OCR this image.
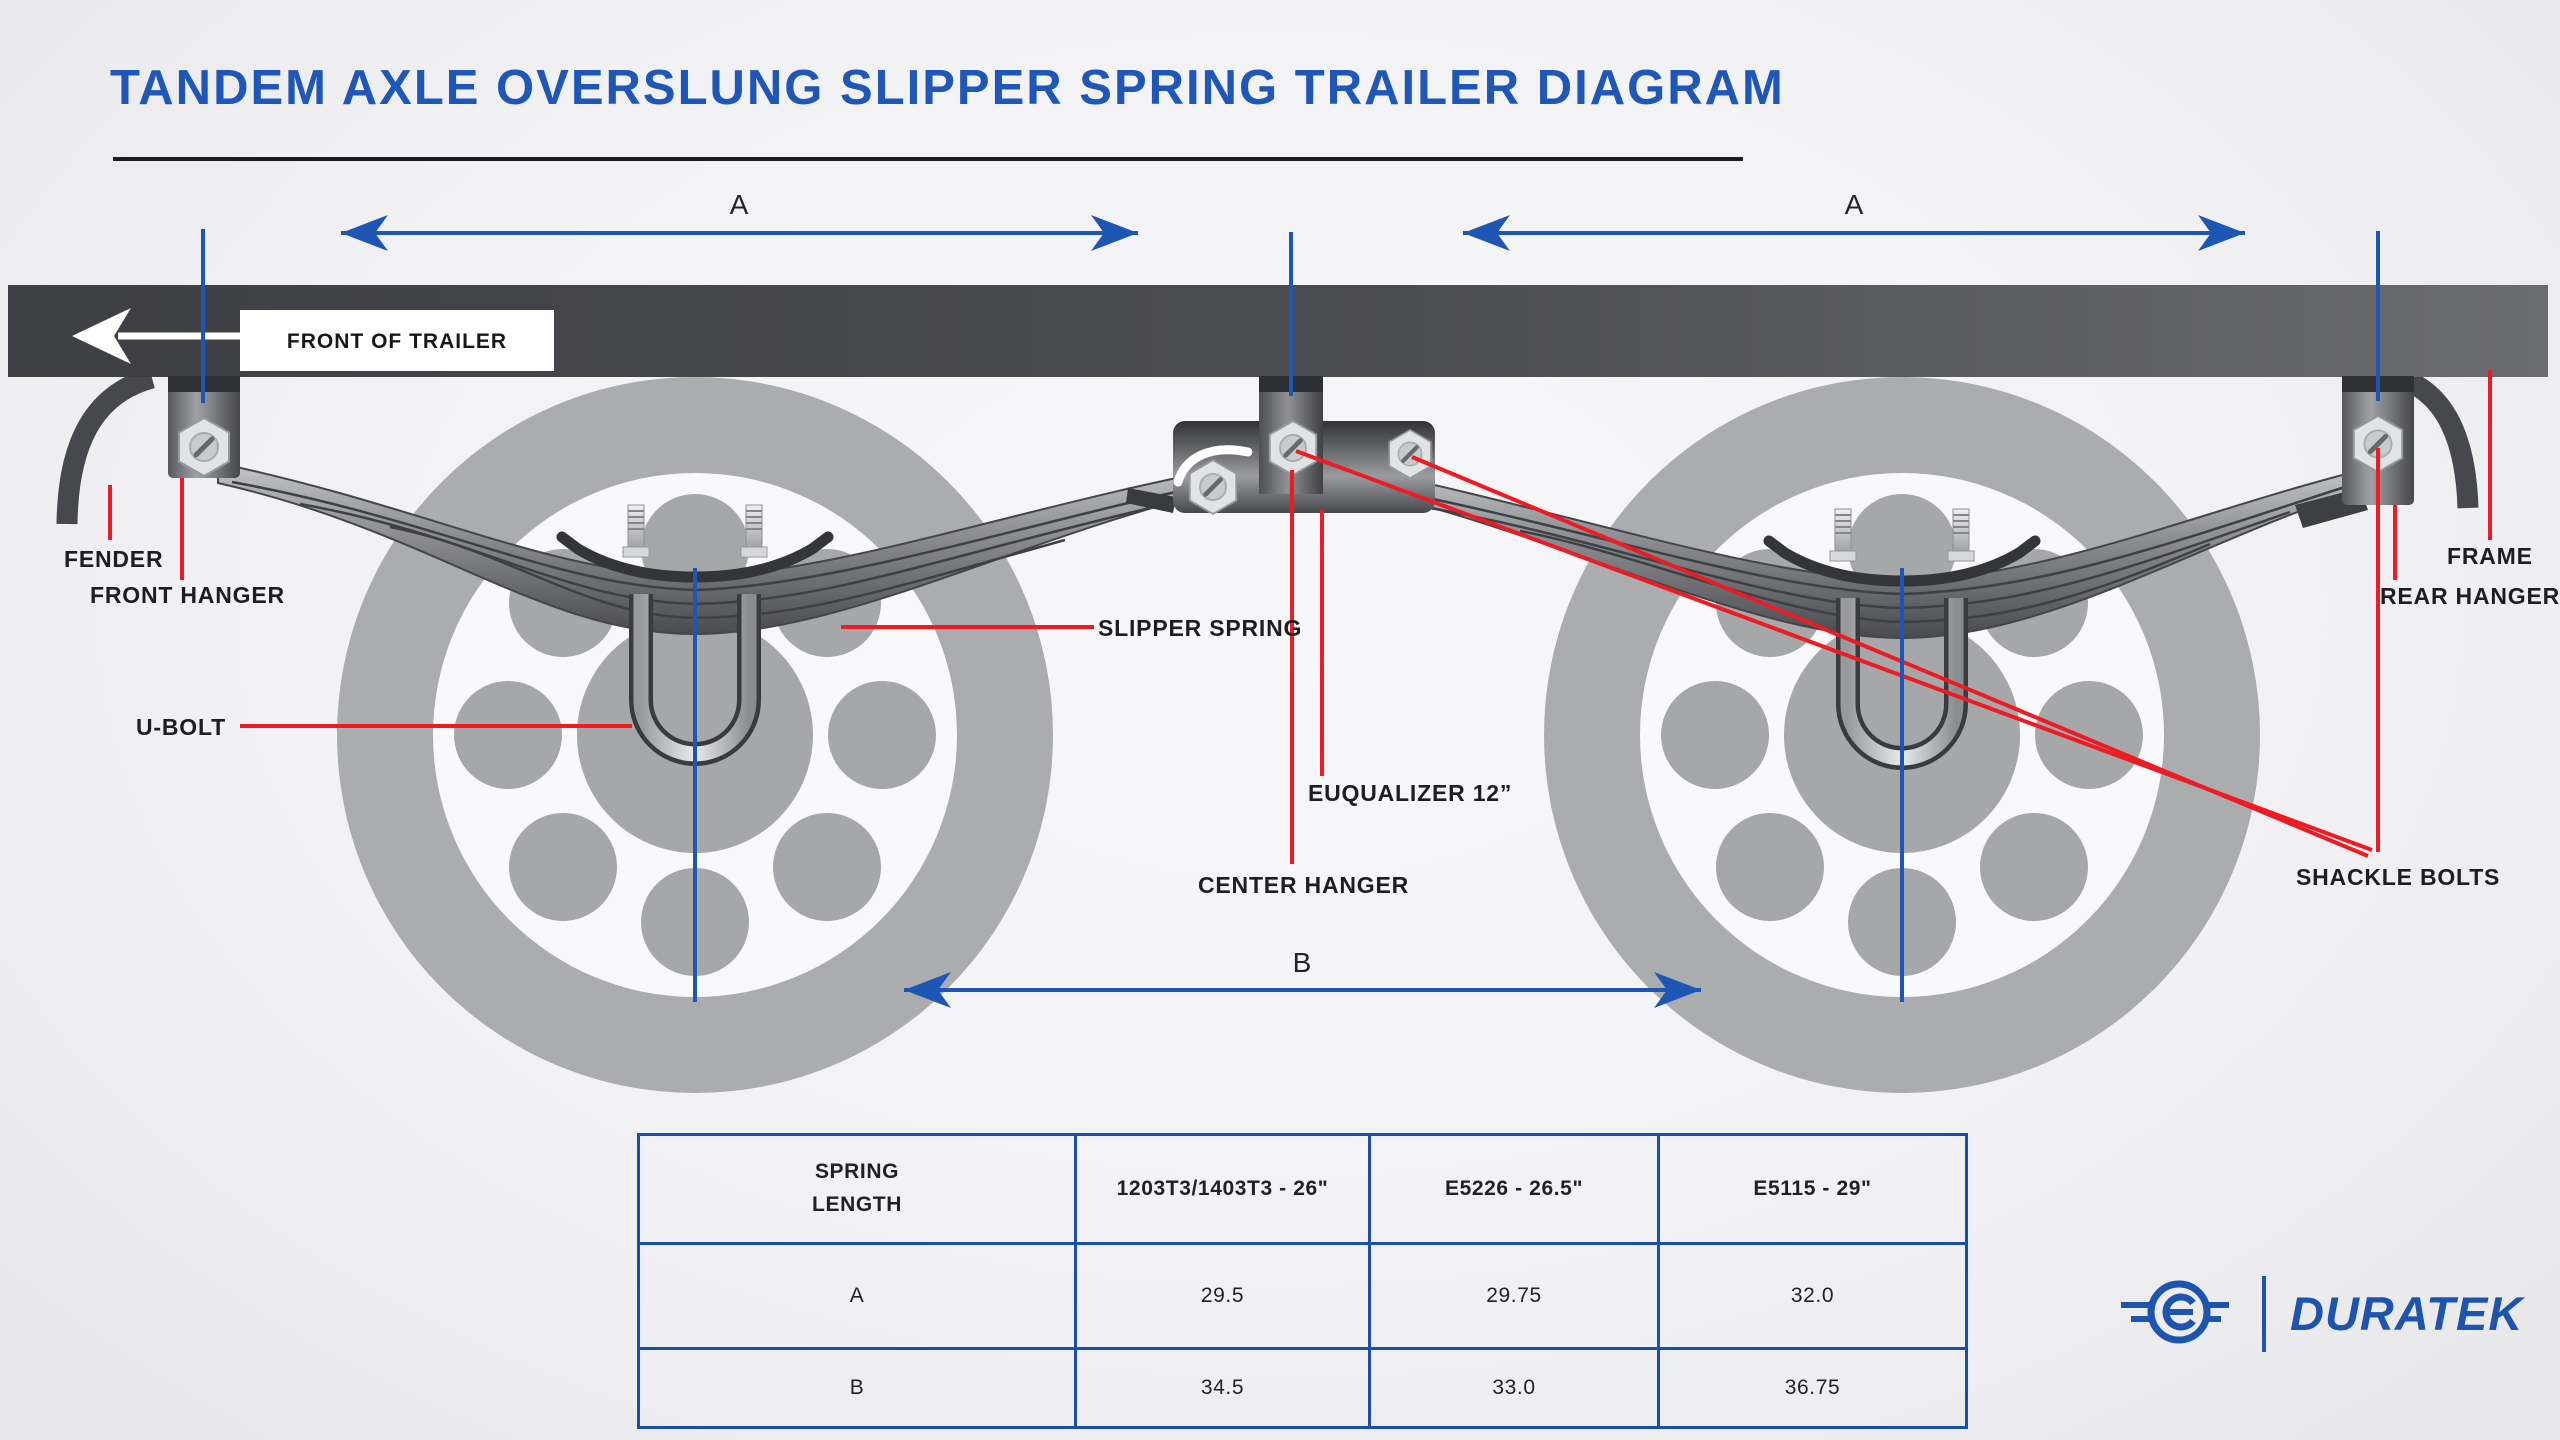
TANDEM AXLE OVERSLUNG SLIPPER SPRING TRAILER DIAGRAM
FRONT OF TRAILER
A	A
B
FENDER
FRONT HANGER
U-BOLT
SLIPPER SPRING
EUQUALIZER 12”
CENTER HANGER
FRAME
REAR HANGER
SHACKLE BOLTS
SPRING LENGTH	1203T3/1403T3 - 26"	E5226 - 26.5"	E5115 - 29"
A	29.5	29.75	32.0
B	34.5	33.0	36.75
DURATEK
